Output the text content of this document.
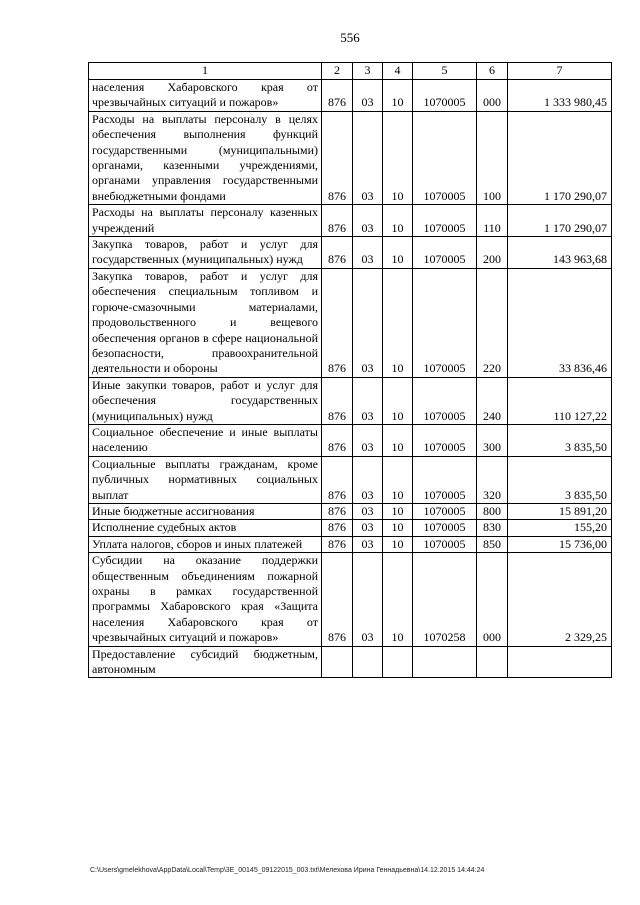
556
1	2	3	4	5	6	7
населения Хабаровского края от чрезвычайных ситуаций и пожаров»	876	03	10	1070005	000	1 333 980,45
Расходы на выплаты персоналу в целях обеспечения выполнения функций государственными (муниципальными) органами, казенными учреждениями, органами управления государственными внебюджетными фондами	876	03	10	1070005	100	1 170 290,07
Расходы на выплаты персоналу казенных учреждений	876	03	10	1070005	110	1 170 290,07
Закупка товаров, работ и услуг для государственных (муниципальных) нужд	876	03	10	1070005	200	143 963,68
Закупка товаров, работ и услуг для обеспечения специальным топливом и горюче-смазочными материалами, продовольственного и вещевого обеспечения органов в сфере национальной безопасности, правоохранительной деятельности и обороны	876	03	10	1070005	220	33 836,46
Иные закупки товаров, работ и услуг для обеспечения государственных (муниципальных) нужд	876	03	10	1070005	240	110 127,22
Социальное обеспечение и иные выплаты населению	876	03	10	1070005	300	3 835,50
Социальные выплаты гражданам, кроме публичных нормативных социальных выплат	876	03	10	1070005	320	3 835,50
Иные бюджетные ассигнования	876	03	10	1070005	800	15 891,20
Исполнение судебных актов	876	03	10	1070005	830	155,20
Уплата налогов, сборов и иных платежей	876	03	10	1070005	850	15 736,00
Субсидии на оказание поддержки общественным объединениям пожарной охраны в рамках государственной программы Хабаровского края «Защита населения Хабаровского края от чрезвычайных ситуаций и пожаров»	876	03	10	1070258	000	2 329,25
Предоставление субсидий бюджетным, автономным						
C:\Users\gmelekhova\AppData\Local\Temp\3E_00145_09122015_003.txt\Мелехова Ирина Геннадьевна\14.12.2015 14:44:24
